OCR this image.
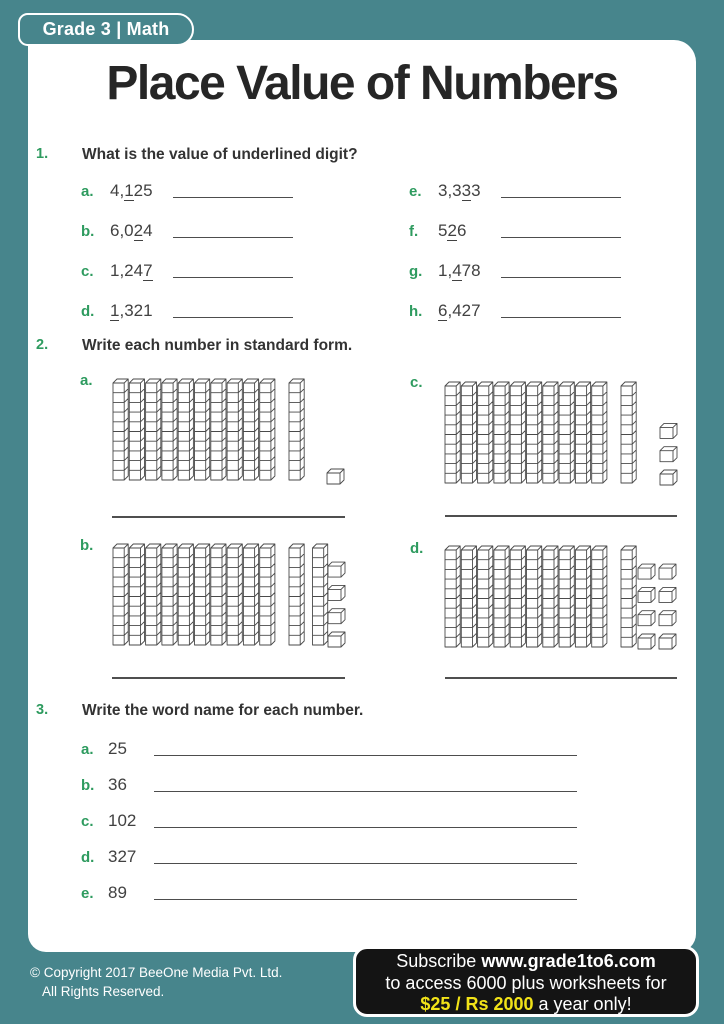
Grade 3 | Math
Place Value of Numbers
1. What is the value of underlined digit?
a. 4,125
b. 6,024
c. 1,247
d. 1,321
e. 3,333
f. 526
g. 1,478
h. 6,427
2. Write each number in standard form.
a.	c.
b.	d.
3. Write the word name for each number.
a. 25
b. 36
c. 102
d. 327
e. 89
© Copyright 2017 BeeOne Media Pvt. Ltd.
All Rights Reserved.
Subscribe www.grade1to6.com
to access 6000 plus worksheets for
$25 / Rs 2000 a year only!
